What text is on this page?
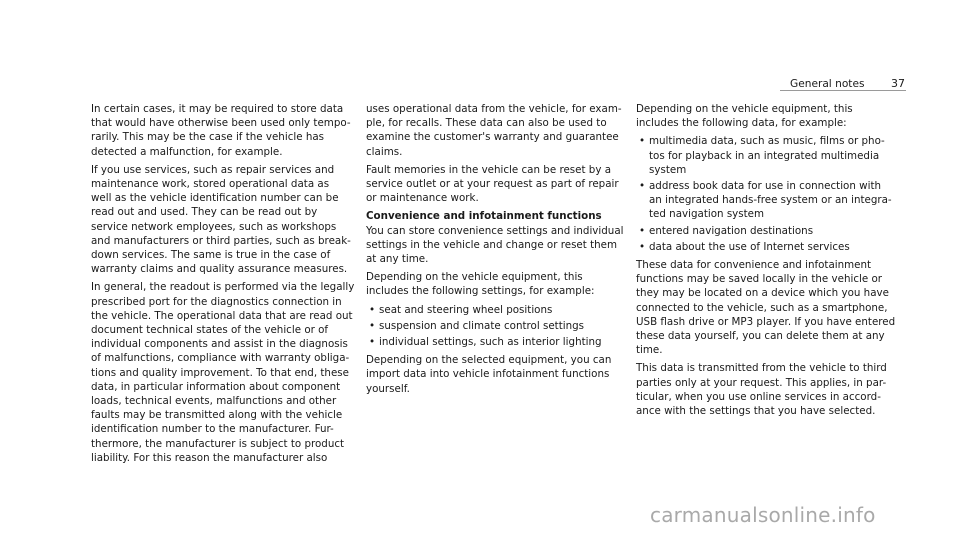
General notes 37

In certain cases, it may be required to store data
that would have otherwise been used only tempo-
rarily. This may be the case if the vehicle has
detected a malfunction, for example.

If you use services, such as repair services and
maintenance work, stored operational data as
well as the vehicle identification number can be
read out and used. They can be read out by
service network employees, such as workshops
and manufacturers or third parties, such as break-
down services. The same is true in the case of
warranty claims and quality assurance measures.

In general, the readout is performed via the legally
prescribed port for the diagnostics connection in
the vehicle. The operational data that are read out
document technical states of the vehicle or of
individual components and assist in the diagnosis
of malfunctions, compliance with warranty obliga-
tions and quality improvement. To that end, these
data, in particular information about component
loads, technical events, malfunctions and other
faults may be transmitted along with the vehicle
identification number to the manufacturer. Fur-
thermore, the manufacturer is subject to product
liability. For this reason the manufacturer also

uses operational data from the vehicle, for exam-
ple, for recalls. These data can also be used to
examine the customer's warranty and guarantee
claims.

Fault memories in the vehicle can be reset by a
service outlet or at your request as part of repair
or maintenance work.

Convenience and infotainment functions

You can store convenience settings and individual
settings in the vehicle and change or reset them
at any time.

Depending on the vehicle equipment, this
includes the following settings, for example:

• seat and steering wheel positions
• suspension and climate control settings
• individual settings, such as interior lighting

Depending on the selected equipment, you can
import data into vehicle infotainment functions
yourself.

Depending on the vehicle equipment, this
includes the following data, for example:

• multimedia data, such as music, films or pho-
tos for playback in an integrated multimedia
system
• address book data for use in connection with
an integrated hands-free system or an integra-
ted navigation system
• entered navigation destinations
• data about the use of Internet services

These data for convenience and infotainment
functions may be saved locally in the vehicle or
they may be located on a device which you have
connected to the vehicle, such as a smartphone,
USB flash drive or MP3 player. If you have entered
these data yourself, you can delete them at any
time.

This data is transmitted from the vehicle to third
parties only at your request. This applies, in par-
ticular, when you use online services in accord-
ance with the settings that you have selected.

carmanualsonline.info
